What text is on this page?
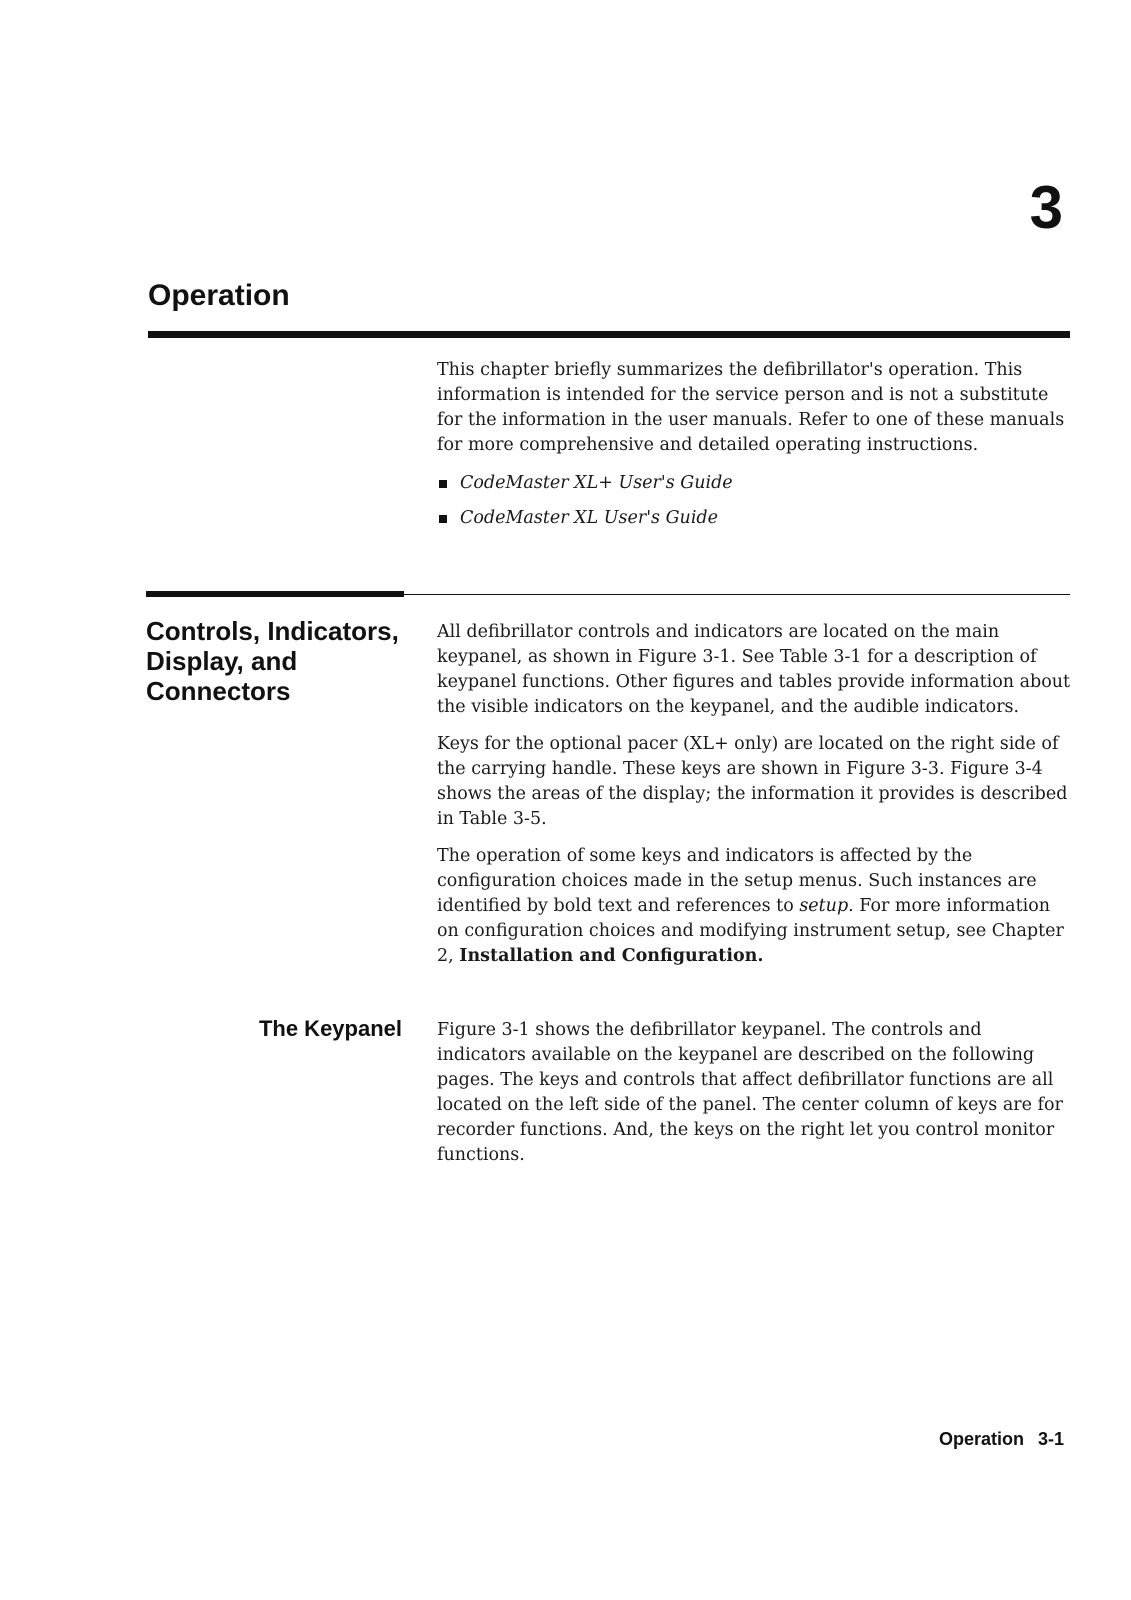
3
Operation

This chapter briefly summarizes the defibrillator's operation. This information is intended for the service person and is not a substitute for the information in the user manuals. Refer to one of these manuals for more comprehensive and detailed operating instructions.

CodeMaster XL+ User's Guide
CodeMaster XL User's Guide
Controls, Indicators, Display, and Connectors

All defibrillator controls and indicators are located on the main keypanel, as shown in Figure 3-1. See Table 3-1 for a description of keypanel functions. Other figures and tables provide information about the visible indicators on the keypanel, and the audible indicators.

Keys for the optional pacer (XL+ only) are located on the right side of the carrying handle. These keys are shown in Figure 3-3. Figure 3-4 shows the areas of the display; the information it provides is described in Table 3-5.

The operation of some keys and indicators is affected by the configuration choices made in the setup menus. Such instances are identified by bold text and references to setup. For more information on configuration choices and modifying instrument setup, see Chapter 2, Installation and Configuration.

The Keypanel Figure 3-1 shows the defibrillator keypanel. The controls and indicators available on the keypanel are described on the following pages. The keys and controls that affect defibrillator functions are all located on the left side of the panel. The center column of keys are for recorder functions. And, the keys on the right let you control monitor functions.

Operation 3-1
